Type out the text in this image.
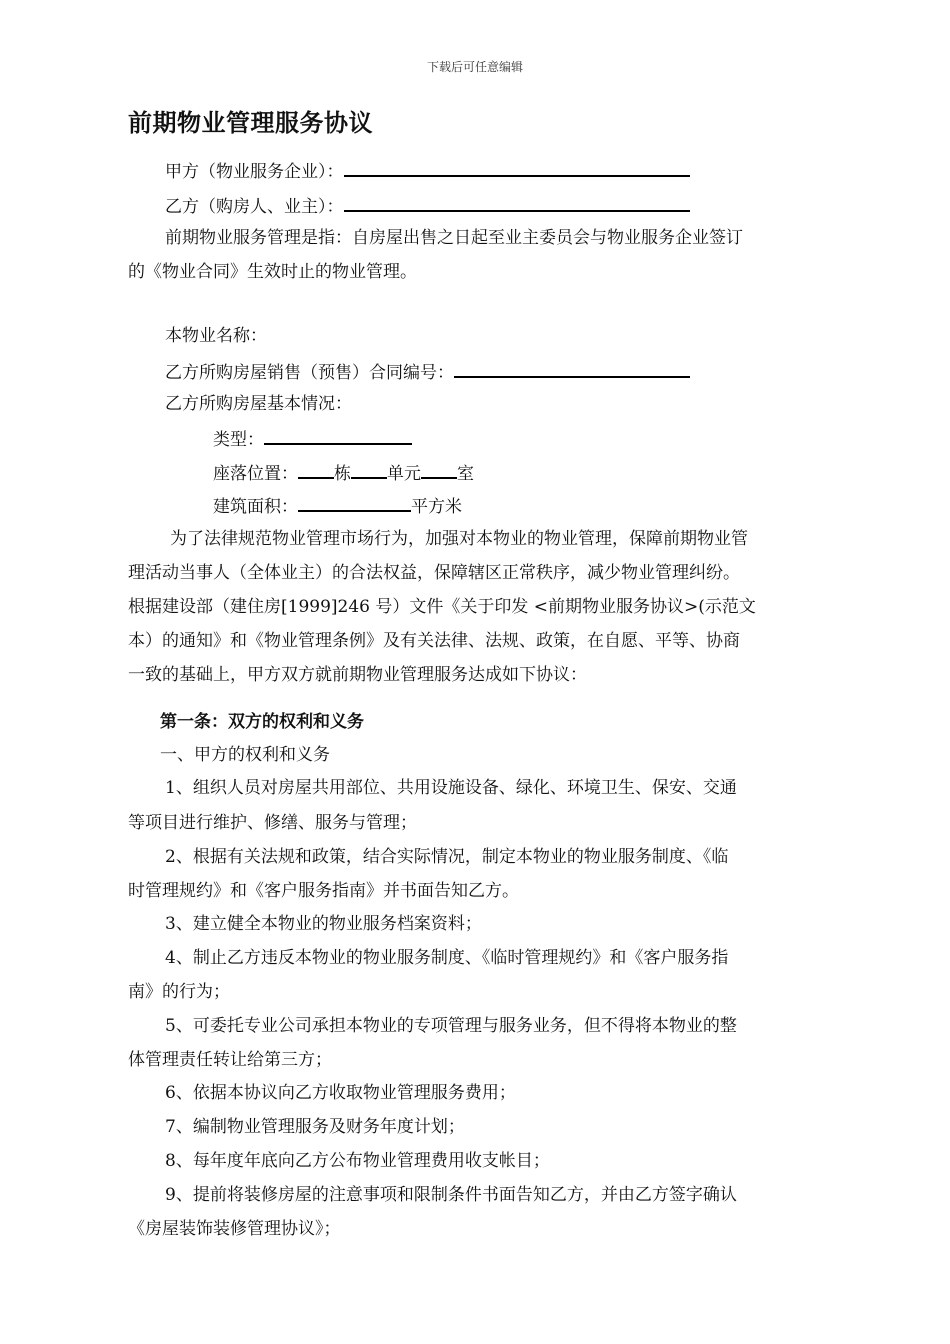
下载后可任意编辑
前期物业管理服务协议
甲方（物业服务企业）：
乙方（购房人、业主）：
前期物业服务管理是指：自房屋出售之日起至业主委员会与物业服务企业签订
的《物业合同》生效时止的物业管理。
本物业名称：
乙方所购房屋销售（预售）合同编号：
乙方所购房屋基本情况：
类型：
座落位置： 栋 单元 室
建筑面积：	平方米
为了法律规范物业管理市场行为，加强对本物业的物业管理，保障前期物业管
理活动当事人（全体业主）的合法权益，保障辖区正常秩序，减少物业管理纠纷。
根据建设部（建住房[1999]246 号）文件《关于印发 <前期物业服务协议>(示范文
本）的通知》和《物业管理条例》及有关法律、法规、政策，在自愿、平等、协商
一致的基础上，甲方双方就前期物业管理服务达成如下协议：
第一条：双方的权利和义务
一、甲方的权利和义务
1、组织人员对房屋共用部位、共用设施设备、绿化、环境卫生、保安、交通
等项目进行维护、修缮、服务与管理；
2、根据有关法规和政策，结合实际情况，制定本物业的物业服务制度、《临
时管理规约》和《客户服务指南》并书面告知乙方。
3、建立健全本物业的物业服务档案资料；
4、制止乙方违反本物业的物业服务制度、《临时管理规约》和《客户服务指
南》的行为；
5、可委托专业公司承担本物业的专项管理与服务业务，但不得将本物业的整
体管理责任转让给第三方；
6、依据本协议向乙方收取物业管理服务费用；
7、编制物业管理服务及财务年度计划；
8、每年度年底向乙方公布物业管理费用收支帐目；
9、提前将装修房屋的注意事项和限制条件书面告知乙方，并由乙方签字确认
《房屋装饰装修管理协议》；
